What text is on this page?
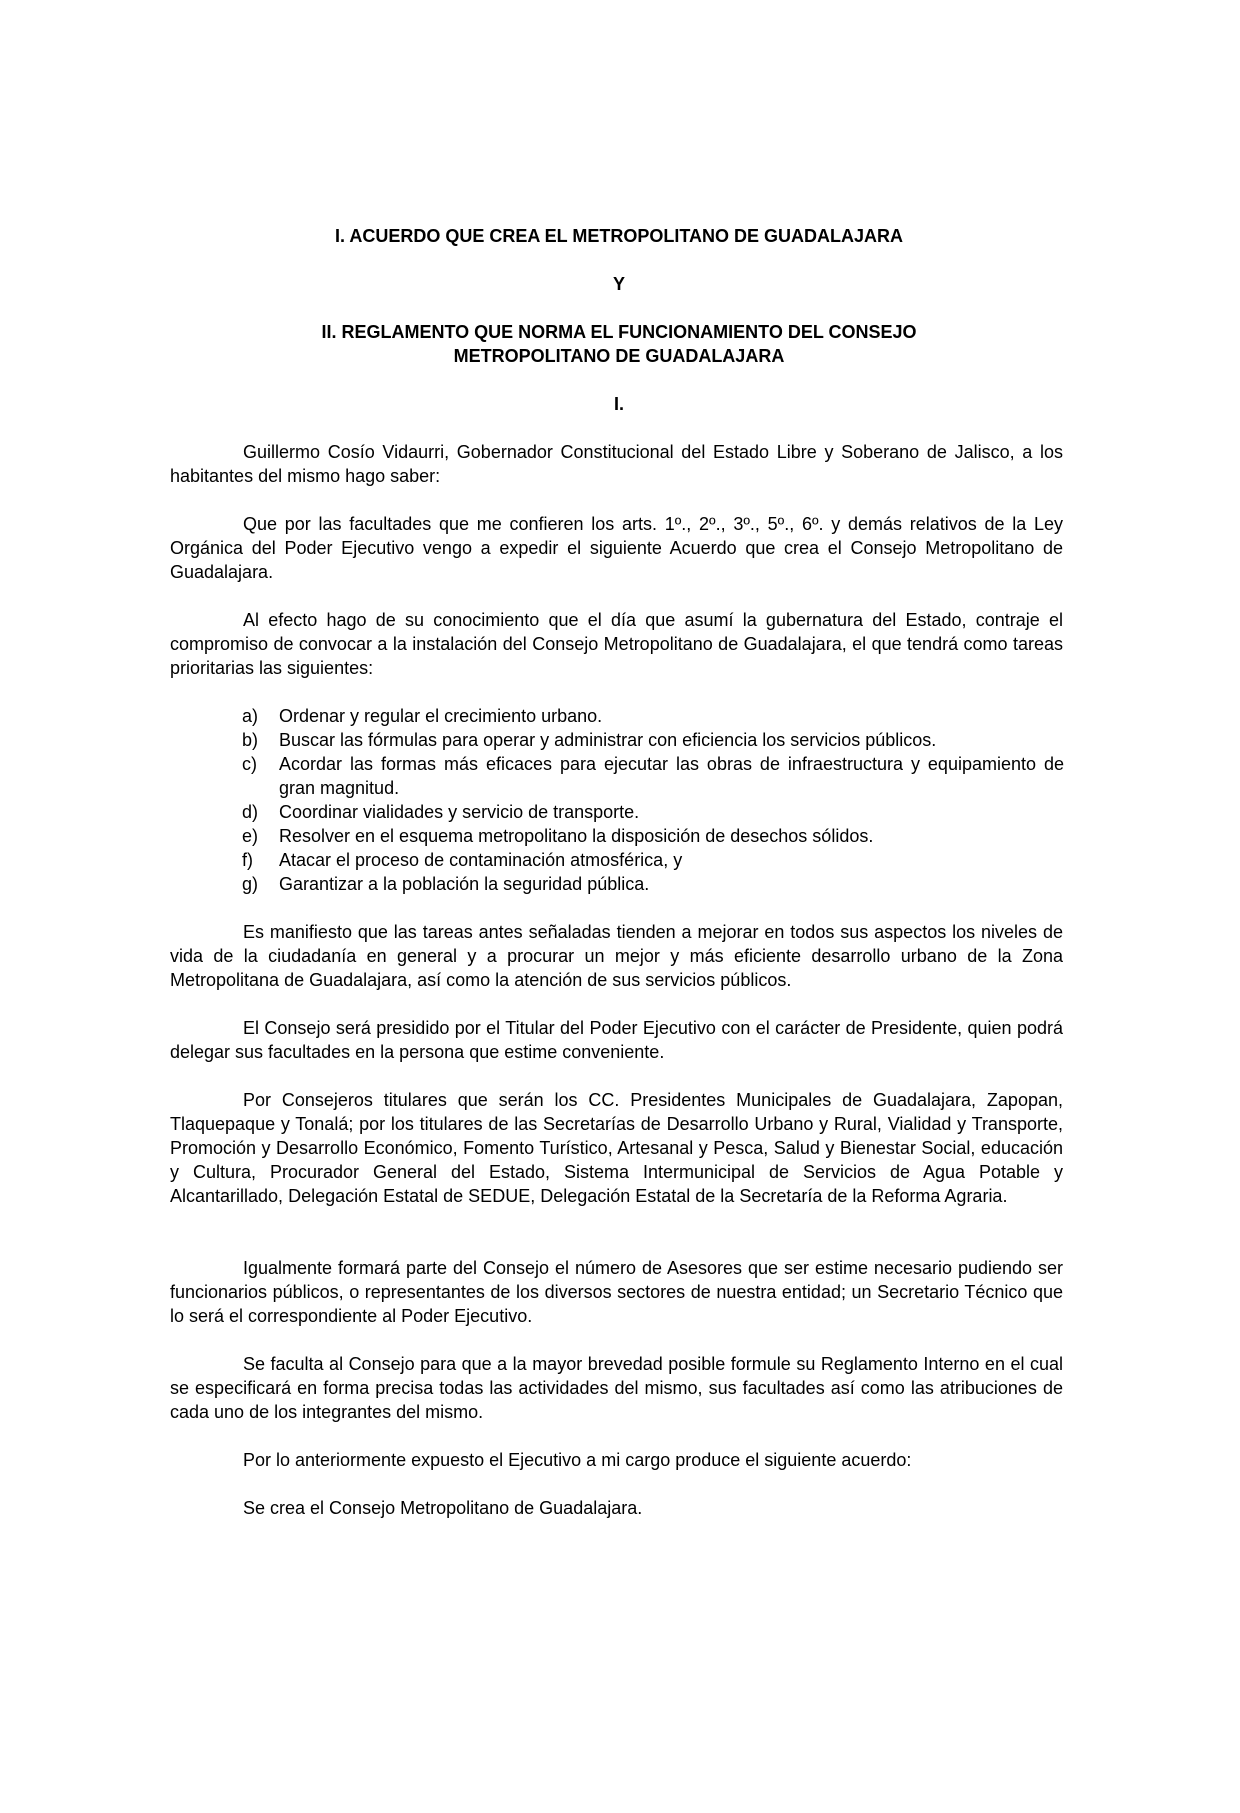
I. ACUERDO QUE CREA EL METROPOLITANO DE GUADALAJARA
Y
II. REGLAMENTO QUE NORMA EL FUNCIONAMIENTO DEL CONSEJO
METROPOLITANO DE GUADALAJARA
I.

Guillermo Cosío Vidaurri, Gobernador Constitucional del Estado Libre y Soberano de Jalisco, a los habitantes del mismo hago saber:

Que por las facultades que me confieren los arts. 1º., 2º., 3º., 5º., 6º. y demás relativos de la Ley Orgánica del Poder Ejecutivo vengo a expedir el siguiente Acuerdo que crea el Consejo Metropolitano de Guadalajara.

Al efecto hago de su conocimiento que el día que asumí la gubernatura del Estado, contraje el compromiso de convocar a la instalación del Consejo Metropolitano de Guadalajara, el que tendrá como tareas prioritarias las siguientes:

a) Ordenar y regular el crecimiento urbano.
b) Buscar las fórmulas para operar y administrar con eficiencia los servicios públicos.
c) Acordar las formas más eficaces para ejecutar las obras de infraestructura y equipamiento de gran magnitud.
d) Coordinar vialidades y servicio de transporte.
e) Resolver en el esquema metropolitano la disposición de desechos sólidos.
f) Atacar el proceso de contaminación atmosférica, y
g) Garantizar a la población la seguridad pública.

Es manifiesto que las tareas antes señaladas tienden a mejorar en todos sus aspectos los niveles de vida de la ciudadanía en general y a procurar un mejor y más eficiente desarrollo urbano de la Zona Metropolitana de Guadalajara, así como la atención de sus servicios públicos.

El Consejo será presidido por el Titular del Poder Ejecutivo con el carácter de Presidente, quien podrá delegar sus facultades en la persona que estime conveniente.

Por Consejeros titulares que serán los CC. Presidentes Municipales de Guadalajara, Zapopan, Tlaquepaque y Tonalá; por los titulares de las Secretarías de Desarrollo Urbano y Rural, Vialidad y Transporte, Promoción y Desarrollo Económico, Fomento Turístico, Artesanal y Pesca, Salud y Bienestar Social, educación y Cultura, Procurador General del Estado, Sistema Intermunicipal de Servicios de Agua Potable y Alcantarillado, Delegación Estatal de SEDUE, Delegación Estatal de la Secretaría de la Reforma Agraria.

Igualmente formará parte del Consejo el número de Asesores que ser estime necesario pudiendo ser funcionarios públicos, o representantes de los diversos sectores de nuestra entidad; un Secretario Técnico que lo será el correspondiente al Poder Ejecutivo.

Se faculta al Consejo para que a la mayor brevedad posible formule su Reglamento Interno en el cual se especificará en forma precisa todas las actividades del mismo, sus facultades así como las atribuciones de cada uno de los integrantes del mismo.

Por lo anteriormente expuesto el Ejecutivo a mi cargo produce el siguiente acuerdo:

Se crea el Consejo Metropolitano de Guadalajara.
